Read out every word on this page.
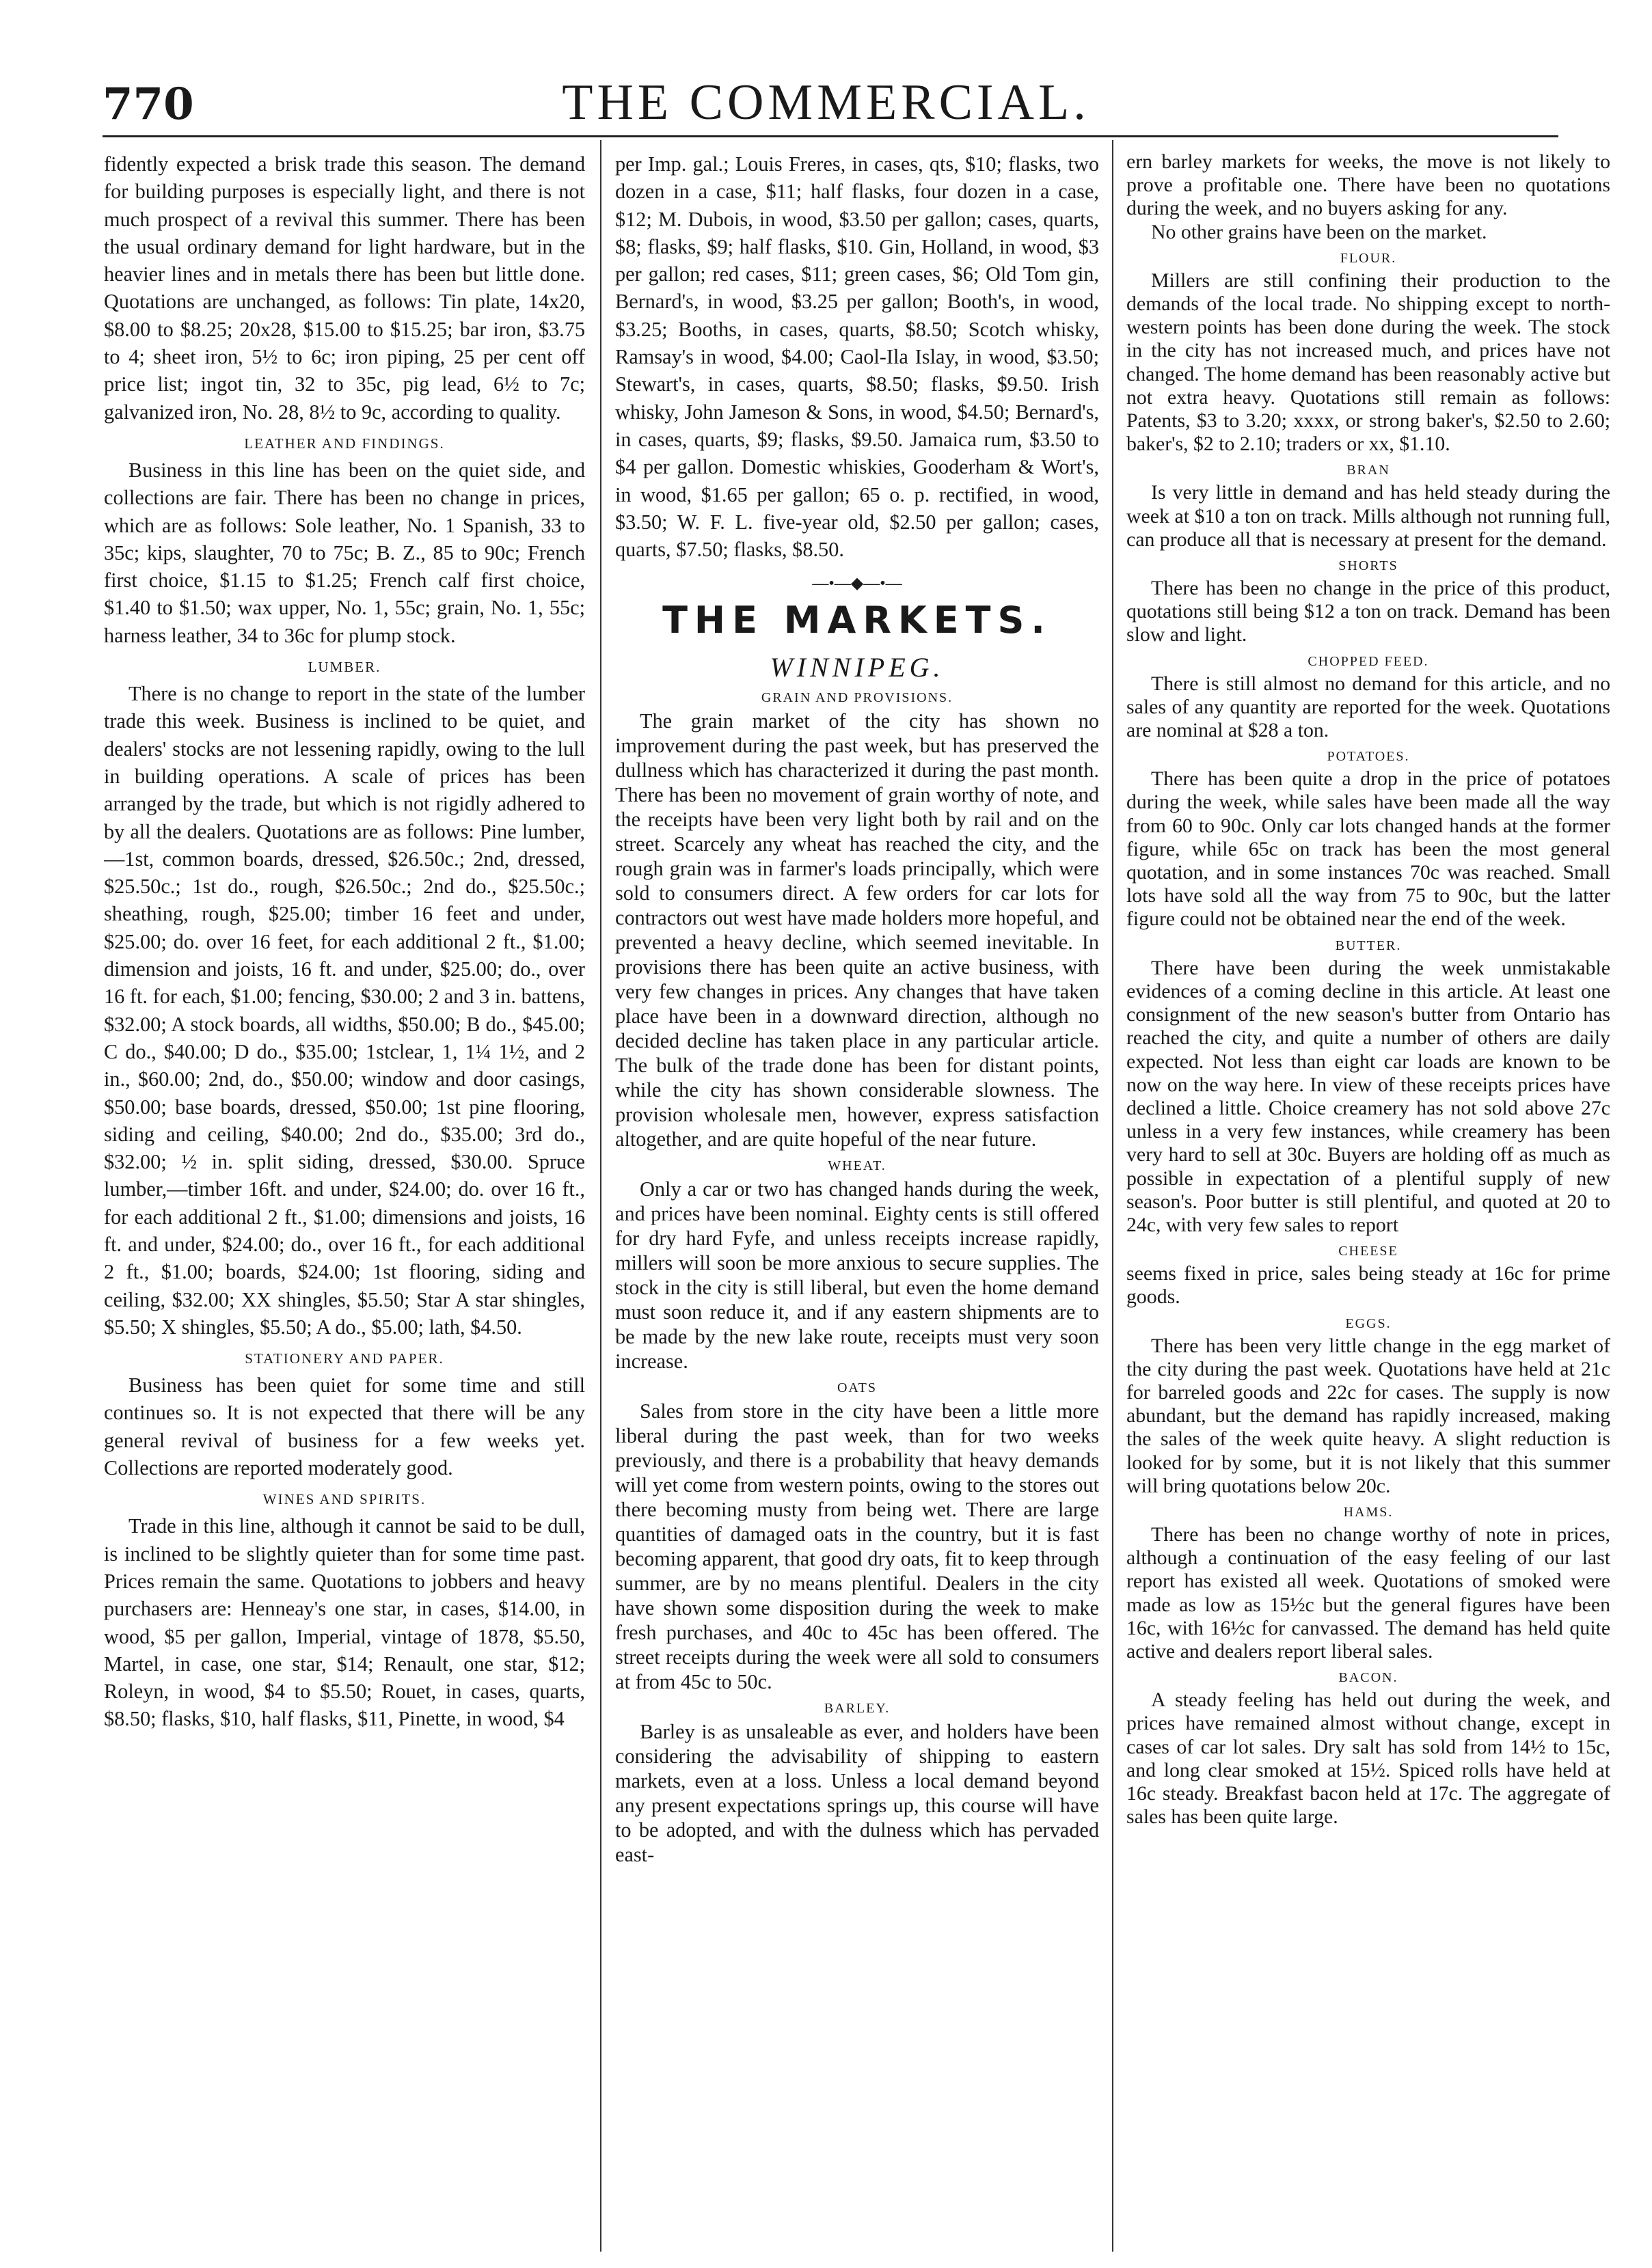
770	THE COMMERCIAL.

fidently expected a brisk trade this season. The demand for building purposes is especially light, and there is not much prospect of a revival this summer. There has been the usual ordinary demand for light hardware, but in the heavier lines and in metals there has been but little done. Quotations are unchanged, as follows: Tin plate, 14x20, $8.00 to $8.25; 20x28, $15.00 to $15.25; bar iron, $3.75 to 4; sheet iron, 5½ to 6c; iron piping, 25 per cent off price list; ingot tin, 32 to 35c, pig lead, 6½ to 7c; galvanized iron, No. 28, 8½ to 9c, according to quality.

LEATHER AND FINDINGS.

Business in this line has been on the quiet side, and collections are fair. There has been no change in prices, which are as follows: Sole leather, No. 1 Spanish, 33 to 35c; kips, slaughter, 70 to 75c; B. Z., 85 to 90c; French first choice, $1.15 to $1.25; French calf first choice, $1.40 to $1.50; wax upper, No. 1, 55c; grain, No. 1, 55c; harness leather, 34 to 36c for plump stock.

LUMBER.

There is no change to report in the state of the lumber trade this week. Business is inclined to be quiet, and dealers' stocks are not lessening rapidly, owing to the lull in building operations. A scale of prices has been arranged by the trade, but which is not rigidly adhered to by all the dealers. Quotations are as follows: Pine lumber,—1st, common boards, dressed, $26.50c.; 2nd, dressed, $25.50c.; 1st do., rough, $26.50c.; 2nd do., $25.50c.; sheathing, rough, $25.00; timber 16 feet and under, $25.00; do. over 16 feet, for each additional 2 ft., $1.00; dimension and joists, 16 ft. and under, $25.00; do., over 16 ft. for each, $1.00; fencing, $30.00; 2 and 3 in. battens, $32.00; A stock boards, all widths, $50.00; B do., $45.00; C do., $40.00; D do., $35.00; 1stclear, 1, 1¼ 1½, and 2 in., $60.00; 2nd, do., $50.00; window and door casings, $50.00; base boards, dressed, $50.00; 1st pine flooring, siding and ceiling, $40.00; 2nd do., $35.00; 3rd do., $32.00; ½ in. split siding, dressed, $30.00. Spruce lumber,—timber 16ft. and under, $24.00; do. over 16 ft., for each additional 2 ft., $1.00; dimensions and joists, 16 ft. and under, $24.00; do., over 16 ft., for each additional 2 ft., $1.00; boards, $24.00; 1st flooring, siding and ceiling, $32.00; XX shingles, $5.50; Star A star shingles, $5.50; X shingles, $5.50; A do., $5.00; lath, $4.50.

STATIONERY AND PAPER.

Business has been quiet for some time and still continues so. It is not expected that there will be any general revival of business for a few weeks yet. Collections are reported moderately good.

WINES AND SPIRITS.

Trade in this line, although it cannot be said to be dull, is inclined to be slightly quieter than for some time past. Prices remain the same. Quotations to jobbers and heavy purchasers are: Henneay's one star, in cases, $14.00, in wood, $5 per gallon, Imperial, vintage of 1878, $5.50, Martel, in case, one star, $14; Renault, one star, $12; Roleyn, in wood, $4 to $5.50; Rouet, in cases, quarts, $8.50; flasks, $10, half flasks, $11, Pinette, in wood, $4

per Imp. gal.; Louis Freres, in cases, qts, $10; flasks, two dozen in a case, $11; half flasks, four dozen in a case, $12; M. Dubois, in wood, $3.50 per gallon; cases, quarts, $8; flasks, $9; half flasks, $10. Gin, Holland, in wood, $3 per gallon; red cases, $11; green cases, $6; Old Tom gin, Bernard's, in wood, $3.25 per gallon; Booth's, in wood, $3.25; Booths, in cases, quarts, $8.50; Scotch whisky, Ramsay's in wood, $4.00; Caol-Ila Islay, in wood, $3.50; Stewart's, in cases, quarts, $8.50; flasks, $9.50. Irish whisky, John Jameson & Sons, in wood, $4.50; Bernard's, in cases, quarts, $9; flasks, $9.50. Jamaica rum, $3.50 to $4 per gallon. Domestic whiskies, Gooderham & Wort's, in wood, $1.65 per gallon; 65 o. p. rectified, in wood, $3.50; W. F. L. five-year old, $2.50 per gallon; cases, quarts, $7.50; flasks, $8.50.

—•—◆—•—
THE MARKETS.
WINNIPEG.
GRAIN AND PROVISIONS.

The grain market of the city has shown no improvement during the past week, but has preserved the dullness which has characterized it during the past month. There has been no movement of grain worthy of note, and the receipts have been very light both by rail and on the street. Scarcely any wheat has reached the city, and the rough grain was in farmer's loads principally, which were sold to consumers direct. A few orders for car lots for contractors out west have made holders more hopeful, and prevented a heavy decline, which seemed inevitable. In provisions there has been quite an active business, with very few changes in prices. Any changes that have taken place have been in a downward direction, although no decided decline has taken place in any particular article. The bulk of the trade done has been for distant points, while the city has shown considerable slowness. The provision wholesale men, however, express satisfaction altogether, and are quite hopeful of the near future.

WHEAT.

Only a car or two has changed hands during the week, and prices have been nominal. Eighty cents is still offered for dry hard Fyfe, and unless receipts increase rapidly, millers will soon be more anxious to secure supplies. The stock in the city is still liberal, but even the home demand must soon reduce it, and if any eastern shipments are to be made by the new lake route, receipts must very soon increase.

OATS

Sales from store in the city have been a little more liberal during the past week, than for two weeks previously, and there is a probability that heavy demands will yet come from western points, owing to the stores out there becoming musty from being wet. There are large quantities of damaged oats in the country, but it is fast becoming apparent, that good dry oats, fit to keep through summer, are by no means plentiful. Dealers in the city have shown some disposition during the week to make fresh purchases, and 40c to 45c has been offered. The street receipts during the week were all sold to consumers at from 45c to 50c.

BARLEY.

Barley is as unsaleable as ever, and holders have been considering the advisability of shipping to eastern markets, even at a loss. Unless a local demand beyond any present expectations springs up, this course will have to be adopted, and with the dulness which has pervaded east-

ern barley markets for weeks, the move is not likely to prove a profitable one. There have been no quotations during the week, and no buyers asking for any.

No other grains have been on the market.

FLOUR.

Millers are still confining their production to the demands of the local trade. No shipping except to north-western points has been done during the week. The stock in the city has not increased much, and prices have not changed. The home demand has been reasonably active but not extra heavy. Quotations still remain as follows: Patents, $3 to 3.20; xxxx, or strong baker's, $2.50 to 2.60; baker's, $2 to 2.10; traders or xx, $1.10.

BRAN

Is very little in demand and has held steady during the week at $10 a ton on track. Mills although not running full, can produce all that is necessary at present for the demand.

SHORTS

There has been no change in the price of this product, quotations still being $12 a ton on track. Demand has been slow and light.

CHOPPED FEED.

There is still almost no demand for this article, and no sales of any quantity are reported for the week. Quotations are nominal at $28 a ton.

POTATOES.

There has been quite a drop in the price of potatoes during the week, while sales have been made all the way from 60 to 90c. Only car lots changed hands at the former figure, while 65c on track has been the most general quotation, and in some instances 70c was reached. Small lots have sold all the way from 75 to 90c, but the latter figure could not be obtained near the end of the week.

BUTTER.

There have been during the week unmistakable evidences of a coming decline in this article. At least one consignment of the new season's butter from Ontario has reached the city, and quite a number of others are daily expected. Not less than eight car loads are known to be now on the way here. In view of these receipts prices have declined a little. Choice creamery has not sold above 27c unless in a very few instances, while creamery has been very hard to sell at 30c. Buyers are holding off as much as possible in expectation of a plentiful supply of new season's. Poor butter is still plentiful, and quoted at 20 to 24c, with very few sales to report

CHEESE

seems fixed in price, sales being steady at 16c for prime goods.

EGGS.

There has been very little change in the egg market of the city during the past week. Quotations have held at 21c for barreled goods and 22c for cases. The supply is now abundant, but the demand has rapidly increased, making the sales of the week quite heavy. A slight reduction is looked for by some, but it is not likely that this summer will bring quotations below 20c.

HAMS.

There has been no change worthy of note in prices, although a continuation of the easy feeling of our last report has existed all week. Quotations of smoked were made as low as 15½c but the general figures have been 16c, with 16½c for canvassed. The demand has held quite active and dealers report liberal sales.

BACON.

A steady feeling has held out during the week, and prices have remained almost without change, except in cases of car lot sales. Dry salt has sold from 14½ to 15c, and long clear smoked at 15½. Spiced rolls have held at 16c steady. Breakfast bacon held at 17c. The aggregate of sales has been quite large.
